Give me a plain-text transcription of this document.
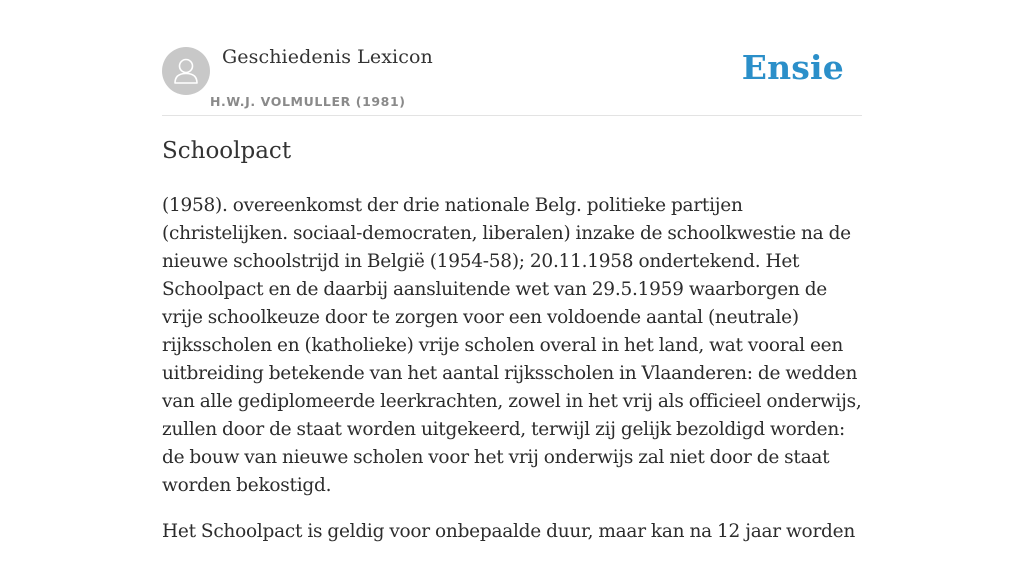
Geschiedenis Lexicon
H.W.J. VOLMULLER (1981)
Ensie
Schoolpact

(1958). overeenkomst der drie nationale Belg. politieke partijen (christelijken. sociaal-democraten, liberalen) inzake de schoolkwestie na de nieuwe schoolstrijd in België (1954-58); 20.11.1958 ondertekend. Het Schoolpact en de daarbij aansluitende wet van 29.5.1959 waarborgen de vrije schoolkeuze door te zorgen voor een voldoende aantal (neutrale) rijksscholen en (katholieke) vrije scholen overal in het land, wat vooral een uitbreiding betekende van het aantal rijksscholen in Vlaanderen: de wedden van alle gediplomeerde leerkrachten, zowel in het vrij als officieel onderwijs, zullen door de staat worden uitgekeerd, terwijl zij gelijk bezoldigd worden: de bouw van nieuwe scholen voor het vrij onderwijs zal niet door de staat worden bekostigd.

Het Schoolpact is geldig voor onbepaalde duur, maar kan na 12 jaar worden
